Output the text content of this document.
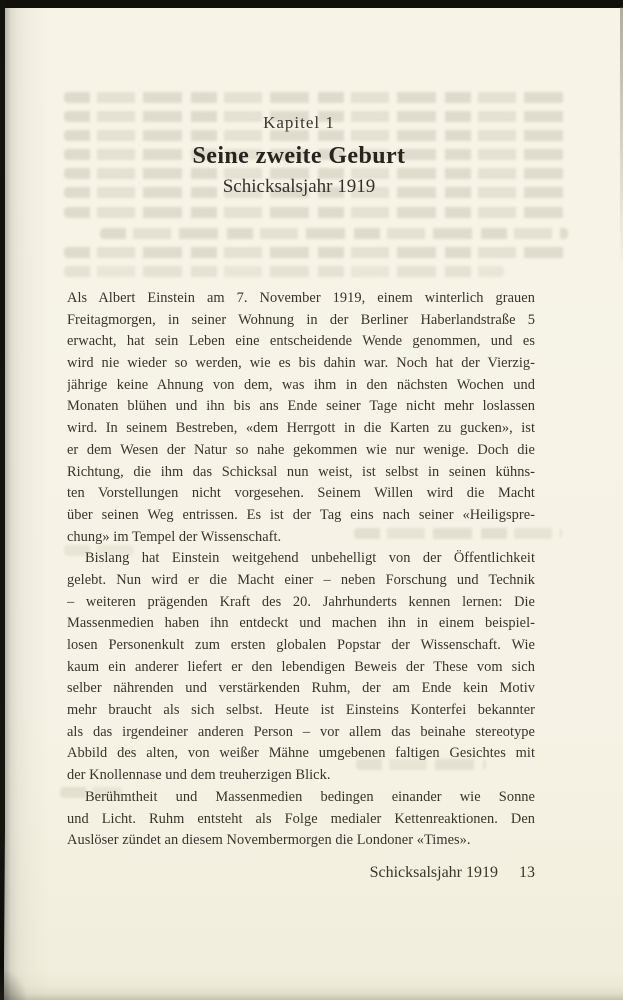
Kapitel 1
Seine zweite Geburt
Schicksalsjahr 1919
Als Albert Einstein am 7. November 1919, einem winterlich grauen
Freitagmorgen, in seiner Wohnung in der Berliner Haberlandstraße 5
erwacht, hat sein Leben eine entscheidende Wende genommen, und es
wird nie wieder so werden, wie es bis dahin war. Noch hat der Vierzig-
jährige keine Ahnung von dem, was ihm in den nächsten Wochen und
Monaten blühen und ihn bis ans Ende seiner Tage nicht mehr loslassen
wird. In seinem Bestreben, «dem Herrgott in die Karten zu gucken», ist
er dem Wesen der Natur so nahe gekommen wie nur wenige. Doch die
Richtung, die ihm das Schicksal nun weist, ist selbst in seinen kühns-
ten Vorstellungen nicht vorgesehen. Seinem Willen wird die Macht
über seinen Weg entrissen. Es ist der Tag eins nach seiner «Heiligspre-
chung» im Tempel der Wissenschaft.
Bislang hat Einstein weitgehend unbehelligt von der Öffentlichkeit
gelebt. Nun wird er die Macht einer – neben Forschung und Technik
– weiteren prägenden Kraft des 20. Jahrhunderts kennen lernen: Die
Massenmedien haben ihn entdeckt und machen ihn in einem beispiel-
losen Personenkult zum ersten globalen Popstar der Wissenschaft. Wie
kaum ein anderer liefert er den lebendigen Beweis der These vom sich
selber nährenden und verstärkenden Ruhm, der am Ende kein Motiv
mehr braucht als sich selbst. Heute ist Einsteins Konterfei bekannter
als das irgendeiner anderen Person – vor allem das beinahe stereotype
Abbild des alten, von weißer Mähne umgebenen faltigen Gesichtes mit
der Knollennase und dem treuherzigen Blick.
Berühmtheit und Massenmedien bedingen einander wie Sonne
und Licht. Ruhm entsteht als Folge medialer Kettenreaktionen. Den
Auslöser zündet an diesem Novembermorgen die Londoner «Times».
Schicksalsjahr 1919 13
